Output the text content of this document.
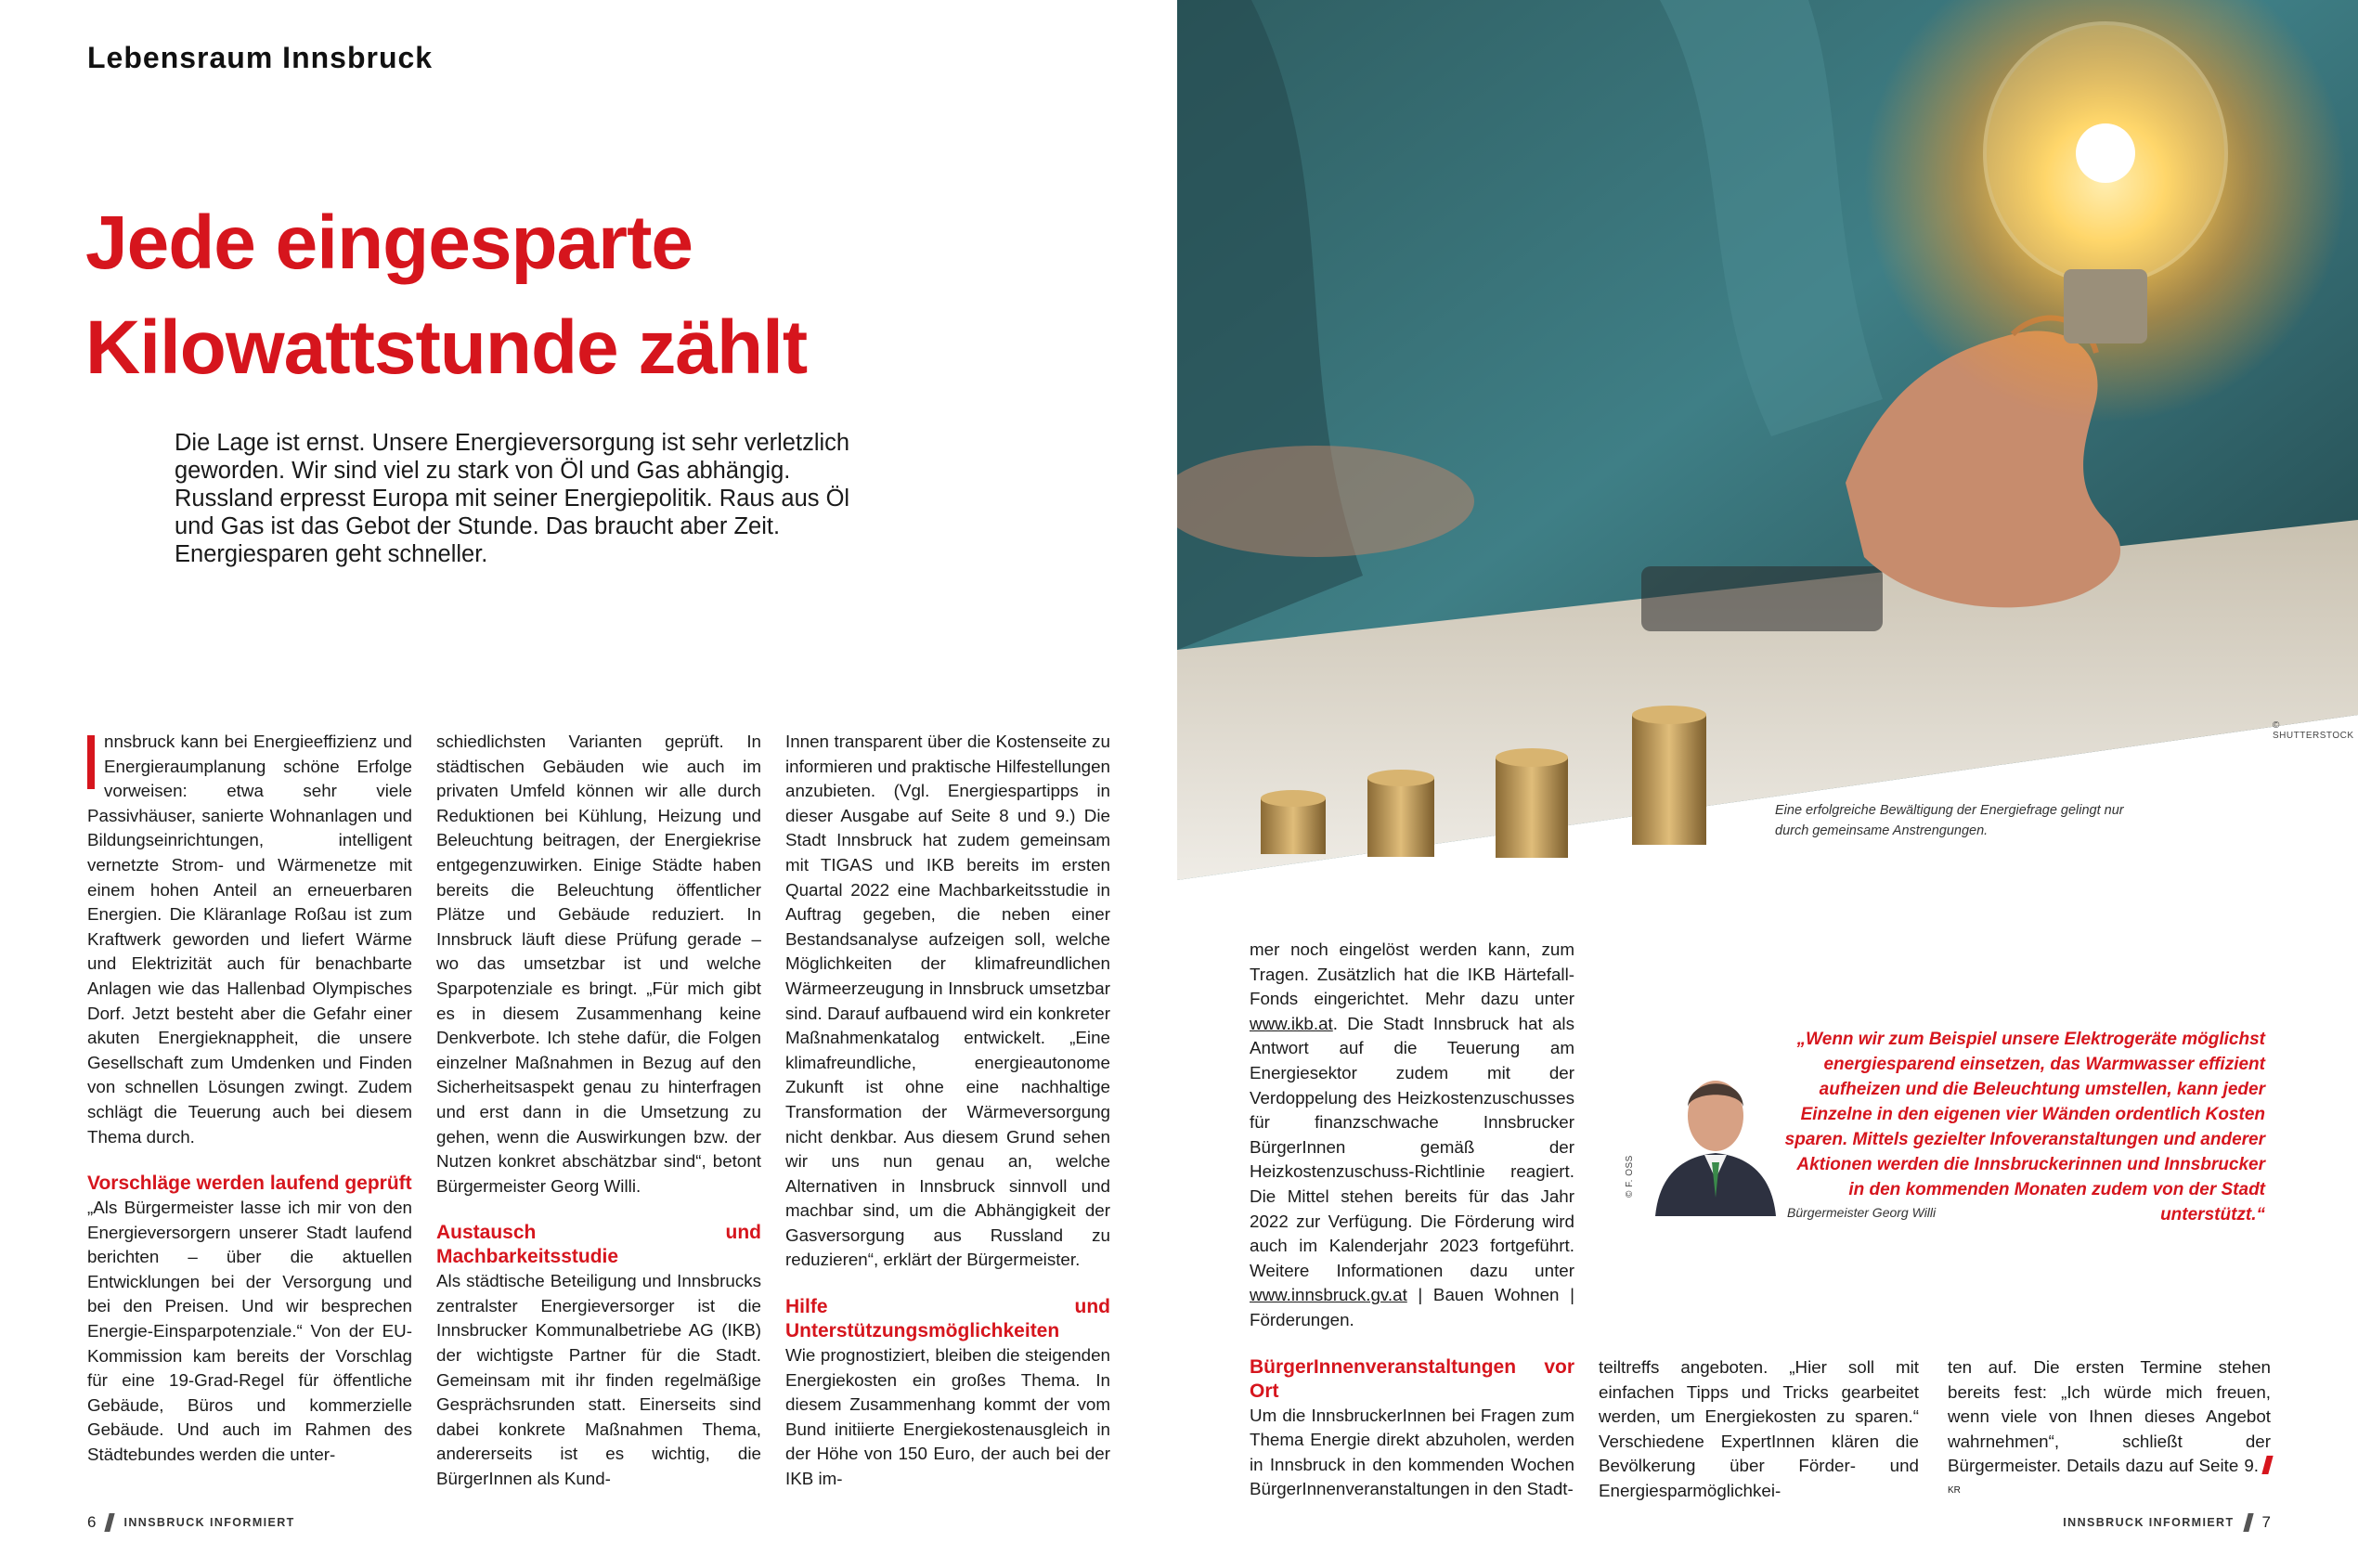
Lebensraum Innsbruck
Jede eingesparte
Kilowattstunde zählt
Die Lage ist ernst. Unsere Energieversorgung ist sehr verletzlich geworden. Wir sind viel zu stark von Öl und Gas abhängig. Russland erpresst Europa mit seiner Energiepolitik. Raus aus Öl und Gas ist das Gebot der Stunde. Das braucht aber Zeit. Energiesparen geht schneller.
© SHUTTERSTOCK
Eine erfolgreiche Bewältigung der Energiefrage gelingt nur durch gemeinsame Anstrengungen.

nnsbruck kann bei Energieeffizienz und Energieraumplanung schöne Erfolge vorweisen: etwa sehr viele Passivhäuser, sanierte Wohnanlagen und Bildungseinrichtungen, intelligent vernetzte Strom- und Wärmenetze mit einem hohen Anteil an erneuerbaren Energien. Die Kläranlage Roßau ist zum Kraftwerk geworden und liefert Wärme und Elektrizität auch für benachbarte Anlagen wie das Hallenbad Olympisches Dorf. Jetzt besteht aber die Gefahr einer akuten Energieknappheit, die unsere Gesellschaft zum Umdenken und Finden von schnellen Lösungen zwingt. Zudem schlägt die Teuerung auch bei diesem Thema durch.

Vorschläge werden laufend geprüft

„Als Bürgermeister lasse ich mir von den Energieversorgern unserer Stadt laufend berichten – über die aktuellen Entwicklungen bei der Versorgung und bei den Preisen. Und wir besprechen Energie-Einsparpotenziale.“ Von der EU-Kommission kam bereits der Vorschlag für eine 19-Grad-Regel für öffentliche Gebäude, Büros und kommerzielle Gebäude. Und auch im Rahmen des Städtebundes werden die unter-

schiedlichsten Varianten geprüft. In städtischen Gebäuden wie auch im privaten Umfeld können wir alle durch Reduktionen bei Kühlung, Heizung und Beleuchtung beitragen, der Energiekrise entgegenzuwirken. Einige Städte haben bereits die Beleuchtung öffentlicher Plätze und Gebäude reduziert. In Innsbruck läuft diese Prüfung gerade – wo das umsetzbar ist und welche Sparpotenziale es bringt. „Für mich gibt es in diesem Zusammenhang keine Denkverbote. Ich stehe dafür, die Folgen einzelner Maßnahmen in Bezug auf den Sicherheitsaspekt genau zu hinterfragen und erst dann in die Umsetzung zu gehen, wenn die Auswirkungen bzw. der Nutzen konkret abschätzbar sind“, betont Bürgermeister Georg Willi.

Austausch und Machbarkeitsstudie

Als städtische Beteiligung und Innsbrucks zentralster Energieversorger ist die Innsbrucker Kommunalbetriebe AG (IKB) der wichtigste Partner für die Stadt. Gemeinsam mit ihr finden regelmäßige Gesprächsrunden statt. Einerseits sind dabei konkrete Maßnahmen Thema, andererseits ist es wichtig, die BürgerInnen als Kund-

Innen transparent über die Kostenseite zu informieren und praktische Hilfestellungen anzubieten. (Vgl. Energiespartipps in dieser Ausgabe auf Seite 8 und 9.) Die Stadt Innsbruck hat zudem gemeinsam mit TIGAS und IKB bereits im ersten Quartal 2022 eine Machbarkeitsstudie in Auftrag gegeben, die neben einer Bestandsanalyse aufzeigen soll, welche Möglichkeiten der klimafreundlichen Wärmeerzeugung in Innsbruck umsetzbar sind. Darauf aufbauend wird ein konkreter Maßnahmenkatalog entwickelt. „Eine klimafreundliche, energieautonome Zukunft ist ohne eine nachhaltige Transformation der Wärmeversorgung nicht denkbar. Aus diesem Grund sehen wir uns nun genau an, welche Alternativen in Innsbruck sinnvoll und machbar sind, um die Abhängigkeit der Gasversorgung aus Russland zu reduzieren“, erklärt der Bürgermeister.

Hilfe und Unterstützungsmöglichkeiten

Wie prognostiziert, bleiben die steigenden Energiekosten ein großes Thema. In diesem Zusammenhang kommt der vom Bund initiierte Energiekostenausgleich in der Höhe von 150 Euro, der auch bei der IKB im-

mer noch eingelöst werden kann, zum Tragen. Zusätzlich hat die IKB Härtefall-Fonds eingerichtet. Mehr dazu unter www.ikb.at. Die Stadt Innsbruck hat als Antwort auf die Teuerung am Energiesektor zudem mit der Verdoppelung des Heizkostenzuschusses für finanzschwache Innsbrucker BürgerInnen gemäß der Heizkostenzuschuss-Richtlinie reagiert. Die Mittel stehen bereits für das Jahr 2022 zur Verfügung. Die Förderung wird auch im Kalenderjahr 2023 fortgeführt. Weitere Informationen dazu unter www.innsbruck.gv.at | Bauen Wohnen | Förderungen.

BürgerInnenveranstaltungen vor Ort

Um die InnsbruckerInnen bei Fragen zum Thema Energie direkt abzuholen, werden in Innsbruck in den kommenden Wochen BürgerInnenveranstaltungen in den Stadt-

teiltreffs angeboten. „Hier soll mit einfachen Tipps und Tricks gearbeitet werden, um Energiekosten zu sparen.“ Verschiedene ExpertInnen klären die Bevölkerung über Förder- und Energiesparmöglichkei-

ten auf. Die ersten Termine stehen bereits fest: „Ich würde mich freuen, wenn viele von Ihnen dieses Angebot wahrnehmen“, schließt der Bürgermeister. Details dazu auf Seite 9. $^{KR}$

© F. OSS
„Wenn wir zum Beispiel unsere Elektrogeräte möglichst energiesparend einsetzen, das Warmwasser effizient aufheizen und die Beleuchtung umstellen, kann jeder Einzelne in den eigenen vier Wänden ordentlich Kosten sparen. Mittels gezielter Infoveranstaltungen und anderer Aktionen werden die Innsbruckerinnen und Innsbrucker in den kommenden Monaten zudem von der Stadt unterstützt.“
Bürgermeister Georg Willi
6 INNSBRUCK INFORMIERT	INNSBRUCK INFORMIERT 7
